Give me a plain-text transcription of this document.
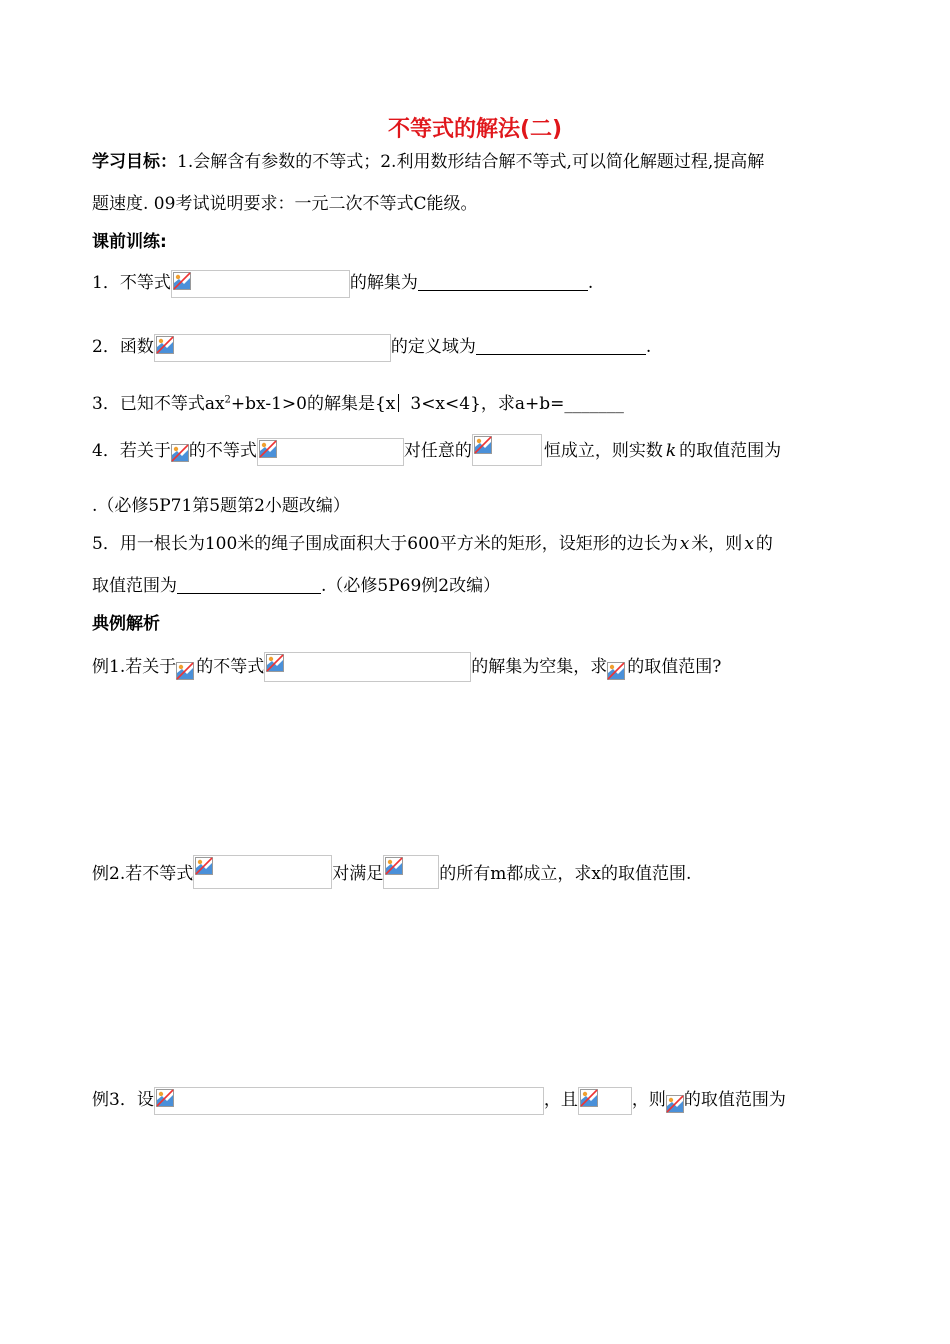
不等式的解法(二)
学习目标：1.会解含有参数的不等式；2.利用数形结合解不等式,可以简化解题过程,提高解
题速度. 09考试说明要求：一元二次不等式C能级。
课前训练:
1．不等式	的解集为	.
2．函数	的定义域为	.
3．已知不等式$ax^2+bx-1>0$的解集是{x 3<x<4}，求a+b=_______
4．若关于 的不等式	对任意的	恒成立，则实数 k 的取值范围为
.（必修5P71第5题第2小题改编）
5．用一根长为100米的绳子围成面积大于600平方米的矩形，设矩形的边长为 x 米，则 x 的
取值范围为	.（必修5P69例2改编）
典例解析
例1.若关于 的不等式	的解集为空集，求 的取值范围?
例2.若不等式	对满足	的所有m都成立，求x的取值范围.
例3．设	，且	，则 的取值范围为
